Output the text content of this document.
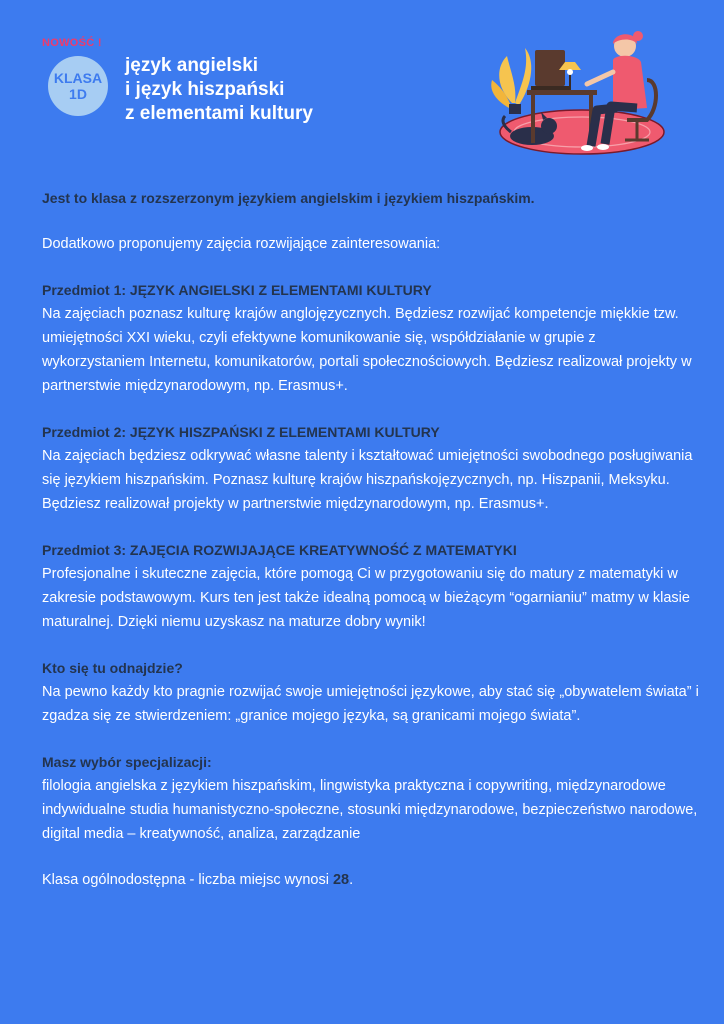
NOWOŚĆ !
KLASA
1D
język angielski
i język hiszpański
z elementami kultury
Jest to klasa z rozszerzonym językiem angielskim i językiem hiszpańskim.
Dodatkowo proponujemy zajęcia rozwijające zainteresowania:
Przedmiot 1: JĘZYK ANGIELSKI Z ELEMENTAMI KULTURY
Na zajęciach poznasz kulturę krajów anglojęzycznych. Będziesz rozwijać kompetencje miękkie tzw. umiejętności XXI wieku, czyli efektywne komunikowanie się, współdziałanie w grupie z wykorzystaniem Internetu, komunikatorów, portali społecznościowych. Będziesz realizował projekty w partnerstwie międzynarodowym, np. Erasmus+.
Przedmiot 2: JĘZYK HISZPAŃSKI Z ELEMENTAMI KULTURY
Na zajęciach będziesz odkrywać własne talenty i kształtować umiejętności swobodnego posługiwania się językiem hiszpańskim. Poznasz kulturę krajów hiszpańskojęzycznych, np. Hiszpanii, Meksyku. Będziesz realizował projekty w partnerstwie międzynarodowym, np. Erasmus+.
Przedmiot 3: ZAJĘCIA ROZWIJAJĄCE KREATYWNOŚĆ Z MATEMATYKI
Profesjonalne i skuteczne zajęcia, które pomogą Ci w przygotowaniu się do matury z matematyki w zakresie podstawowym. Kurs ten jest także idealną pomocą w bieżącym “ogarnianiu” matmy w klasie maturalnej. Dzięki niemu uzyskasz na maturze dobry wynik!
Kto się tu odnajdzie?
Na pewno każdy kto pragnie rozwijać swoje umiejętności językowe, aby stać się „obywatelem świata” i zgadza się ze stwierdzeniem: „granice mojego języka, są granicami mojego świata”.
Masz wybór specjalizacji:
filologia angielska z językiem hiszpańskim, lingwistyka praktyczna i copywriting, międzynarodowe indywidualne studia humanistyczno-społeczne, stosunki międzynarodowe, bezpieczeństwo narodowe, digital media – kreatywność, analiza, zarządzanie
Klasa ogólnodostępna - liczba miejsc wynosi 28.
